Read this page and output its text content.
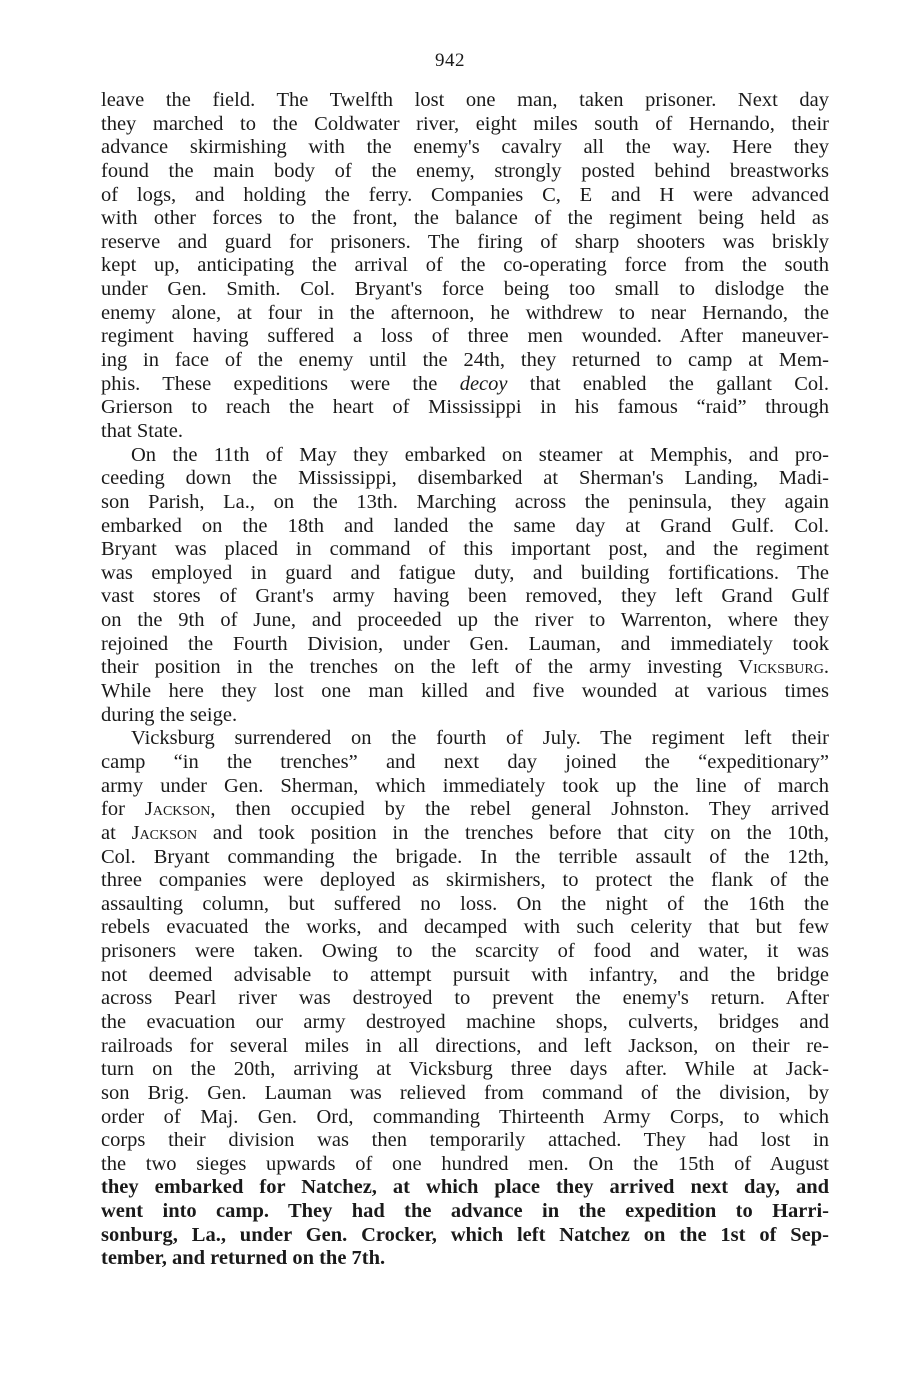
942
leave the field. The Twelfth lost one man, taken prisoner. Next day
they marched to the Coldwater river, eight miles south of Hernando, their
advance skirmishing with the enemy's cavalry all the way. Here they
found the main body of the enemy, strongly posted behind breastworks
of logs, and holding the ferry. Companies C, E and H were advanced
with other forces to the front, the balance of the regiment being held as
reserve and guard for prisoners. The firing of sharp shooters was briskly
kept up, anticipating the arrival of the co-operating force from the south
under Gen. Smith. Col. Bryant's force being too small to dislodge the
enemy alone, at four in the afternoon, he withdrew to near Hernando, the
regiment having suffered a loss of three men wounded. After maneuver-
ing in face of the enemy until the 24th, they returned to camp at Mem-
phis. These expeditions were the decoy that enabled the gallant Col.
Grierson to reach the heart of Mississippi in his famous “raid” through
that State.
On the 11th of May they embarked on steamer at Memphis, and pro-
ceeding down the Mississippi, disembarked at Sherman's Landing, Madi-
son Parish, La., on the 13th. Marching across the peninsula, they again
embarked on the 18th and landed the same day at Grand Gulf. Col.
Bryant was placed in command of this important post, and the regiment
was employed in guard and fatigue duty, and building fortifications. The
vast stores of Grant's army having been removed, they left Grand Gulf
on the 9th of June, and proceeded up the river to Warrenton, where they
rejoined the Fourth Division, under Gen. Lauman, and immediately took
their position in the trenches on the left of the army investing Vicksburg.
While here they lost one man killed and five wounded at various times
during the seige.
Vicksburg surrendered on the fourth of July. The regiment left their
camp “in the trenches” and next day joined the “expeditionary”
army under Gen. Sherman, which immediately took up the line of march
for Jackson, then occupied by the rebel general Johnston. They arrived
at Jackson and took position in the trenches before that city on the 10th,
Col. Bryant commanding the brigade. In the terrible assault of the 12th,
three companies were deployed as skirmishers, to protect the flank of the
assaulting column, but suffered no loss. On the night of the 16th the
rebels evacuated the works, and decamped with such celerity that but few
prisoners were taken. Owing to the scarcity of food and water, it was
not deemed advisable to attempt pursuit with infantry, and the bridge
across Pearl river was destroyed to prevent the enemy's return. After
the evacuation our army destroyed machine shops, culverts, bridges and
railroads for several miles in all directions, and left Jackson, on their re-
turn on the 20th, arriving at Vicksburg three days after. While at Jack-
son Brig. Gen. Lauman was relieved from command of the division, by
order of Maj. Gen. Ord, commanding Thirteenth Army Corps, to which
corps their division was then temporarily attached. They had lost in
the two sieges upwards of one hundred men. On the 15th of August
they embarked for Natchez, at which place they arrived next day, and
went into camp. They had the advance in the expedition to Harri-
sonburg, La., under Gen. Crocker, which left Natchez on the 1st of Sep-
tember, and returned on the 7th.
